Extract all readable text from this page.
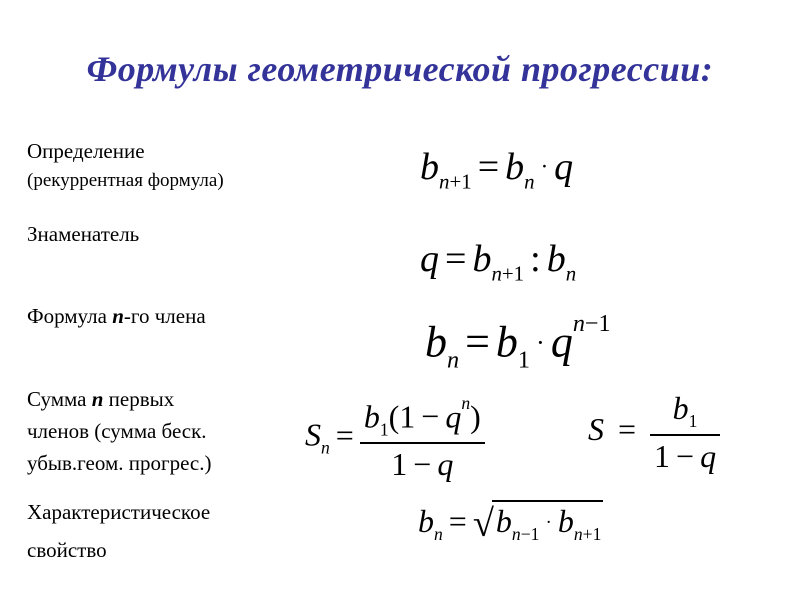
Формулы геометрической прогрессии:
Определение
(рекуррентная формула)	$b_{n+1} = b_n\cdot q$
Знаменатель
$q = b_{n+1}$ : $b_n$
Формула n-го члена
$b_n = b_1\cdot q^{n-1}$
Сумма n первых
членов (сумма беск.
убыв.геом. прогрес.)
$S_n = \frac{b_1(1 - q^n)}{1 - q}$	$S = \frac{b_1}{1 - q}$
Характеристическое
свойство
$b_n = √b_{n-1}\cdot b_{n+1}$
